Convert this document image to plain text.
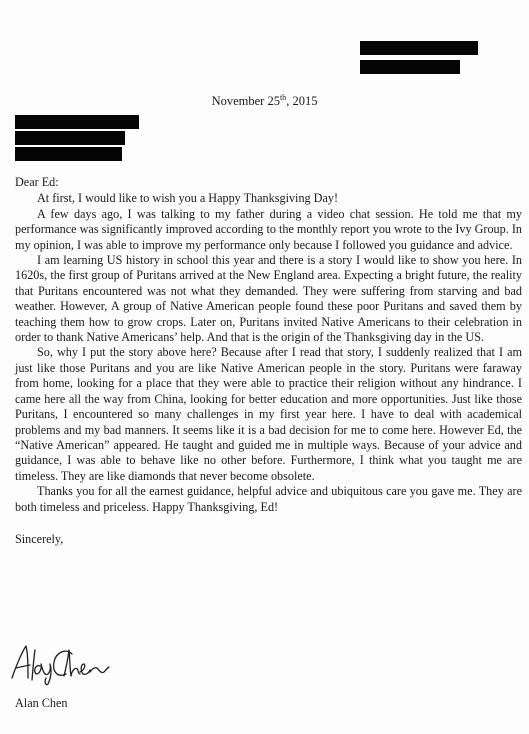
November 25th, 2015

Dear Ed:

At first, I would like to wish you a Happy Thanksgiving Day!

A few days ago, I was talking to my father during a video chat session. He told me that my performance was significantly improved according to the monthly report you wrote to the Ivy Group. In my opinion, I was able to improve my performance only because I followed you guidance and advice.

I am learning US history in school this year and there is a story I would like to show you here. In 1620s, the first group of Puritans arrived at the New England area. Expecting a bright future, the reality that Puritans encountered was not what they demanded. They were suffering from starving and bad weather. However, A group of Native American people found these poor Puritans and saved them by teaching them how to grow crops. Later on, Puritans invited Native Americans to their celebration in order to thank Native Americans’ help. And that is the origin of the Thanksgiving day in the US.

So, why I put the story above here? Because after I read that story, I suddenly realized that I am just like those Puritans and you are like Native American people in the story. Puritans were faraway from home, looking for a place that they were able to practice their religion without any hindrance. I came here all the way from China, looking for better education and more opportunities. Just like those Puritans, I encountered so many challenges in my first year here. I have to deal with academical problems and my bad manners. It seems like it is a bad decision for me to come here. However Ed, the “Native American” appeared. He taught and guided me in multiple ways. Because of your advice and guidance, I was able to behave like no other before. Furthermore, I think what you taught me are timeless. They are like diamonds that never become obsolete.

Thanks you for all the earnest guidance, helpful advice and ubiquitous care you gave me. They are both timeless and priceless. Happy Thanksgiving, Ed!

Sincerely,

Alan Chen
